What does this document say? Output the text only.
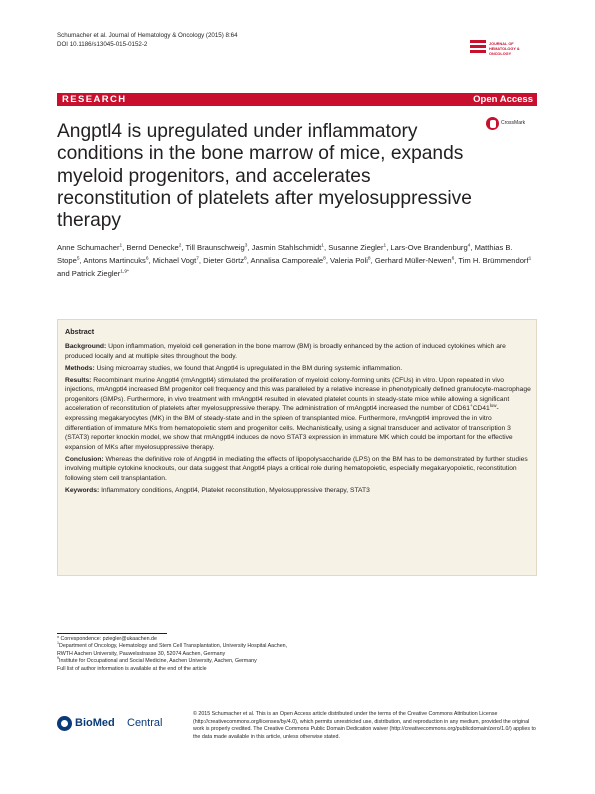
Schumacher et al. Journal of Hematology & Oncology (2015) 8:64
DOI 10.1186/s13045-015-0152-2	JOURNAL OF HEMATOLOGY & ONCOLOGY
RESEARCH	Open Access
Angptl4 is upregulated under inflammatory conditions in the bone marrow of mice, expands myeloid progenitors, and accelerates reconstitution of platelets after myelosuppressive therapy
CrossMark
Anne Schumacher$^1$, Bernd Denecke$^2$, Till Braunschweig$^3$, Jasmin Stahlschmidt$^1$, Susanne Ziegler$^1$, Lars-Ove Brandenburg$^4$, Matthias B. Stope$^5$, Antons Martincuks$^6$, Michael Vogt$^7$, Dieter Görtz$^8$, Annalisa Camporeale$^8$, Valeria Poli$^8$, Gerhard Müller-Newen$^6$, Tim H. Brümmendorf$^1$ and Patrick Ziegler$^{1,9*}$
Abstract

Background: Upon inflammation, myeloid cell generation in the bone marrow (BM) is broadly enhanced by the action of induced cytokines which are produced locally and at multiple sites throughout the body.

Methods: Using microarray studies, we found that Angptl4 is upregulated in the BM during systemic inflammation.

Results: Recombinant murine Angptl4 (rmAngptl4) stimulated the proliferation of myeloid colony-forming units (CFUs) in vitro. Upon repeated in vivo injections, rmAngptl4 increased BM progenitor cell frequency and this was paralleled by a relative increase in phenotypically defined granulocyte-macrophage progenitors (GMPs). Furthermore, in vivo treatment with rmAngptl4 resulted in elevated platelet counts in steady-state mice while allowing a significant acceleration of reconstitution of platelets after myelosuppressive therapy. The administration of rmAngptl4 increased the number of $CD61^+CD41^{low}$-expressing megakaryocytes (MK) in the BM of steady-state and in the spleen of transplanted mice. Furthermore, rmAngptl4 improved the in vitro differentiation of immature MKs from hematopoietic stem and progenitor cells. Mechanistically, using a signal transducer and activator of transcription 3 (STAT3) reporter knockin model, we show that rmAngptl4 induces de novo STAT3 expression in immature MK which could be important for the effective expansion of MKs after myelosuppressive therapy.

Conclusion: Whereas the definitive role of Angptl4 in mediating the effects of lipopolysaccharide (LPS) on the BM has to be demonstrated by further studies involving multiple cytokine knockouts, our data suggest that Angptl4 plays a critical role during hematopoietic, especially megakaryopoietic, reconstitution following stem cell transplantation.

Keywords: Inflammatory conditions, Angptl4, Platelet reconstitution, Myelosuppressive therapy, STAT3

* Correspondence: pziegler@ukaachen.de
$^1$Department of Oncology, Hematology and Stem Cell Transplantation, University Hospital Aachen, RWTH Aachen University, Pauwelsstrasse 30, 52074 Aachen, Germany
$^9$Institute for Occupational and Social Medicine, Aachen University, Aachen, Germany
Full list of author information is available at the end of the article
BioMed Central
© 2015 Schumacher et al. This is an Open Access article distributed under the terms of the Creative Commons Attribution License (http://creativecommons.org/licenses/by/4.0), which permits unrestricted use, distribution, and reproduction in any medium, provided the original work is properly credited. The Creative Commons Public Domain Dedication waiver (http://creativecommons.org/publicdomain/zero/1.0/) applies to the data made available in this article, unless otherwise stated.
